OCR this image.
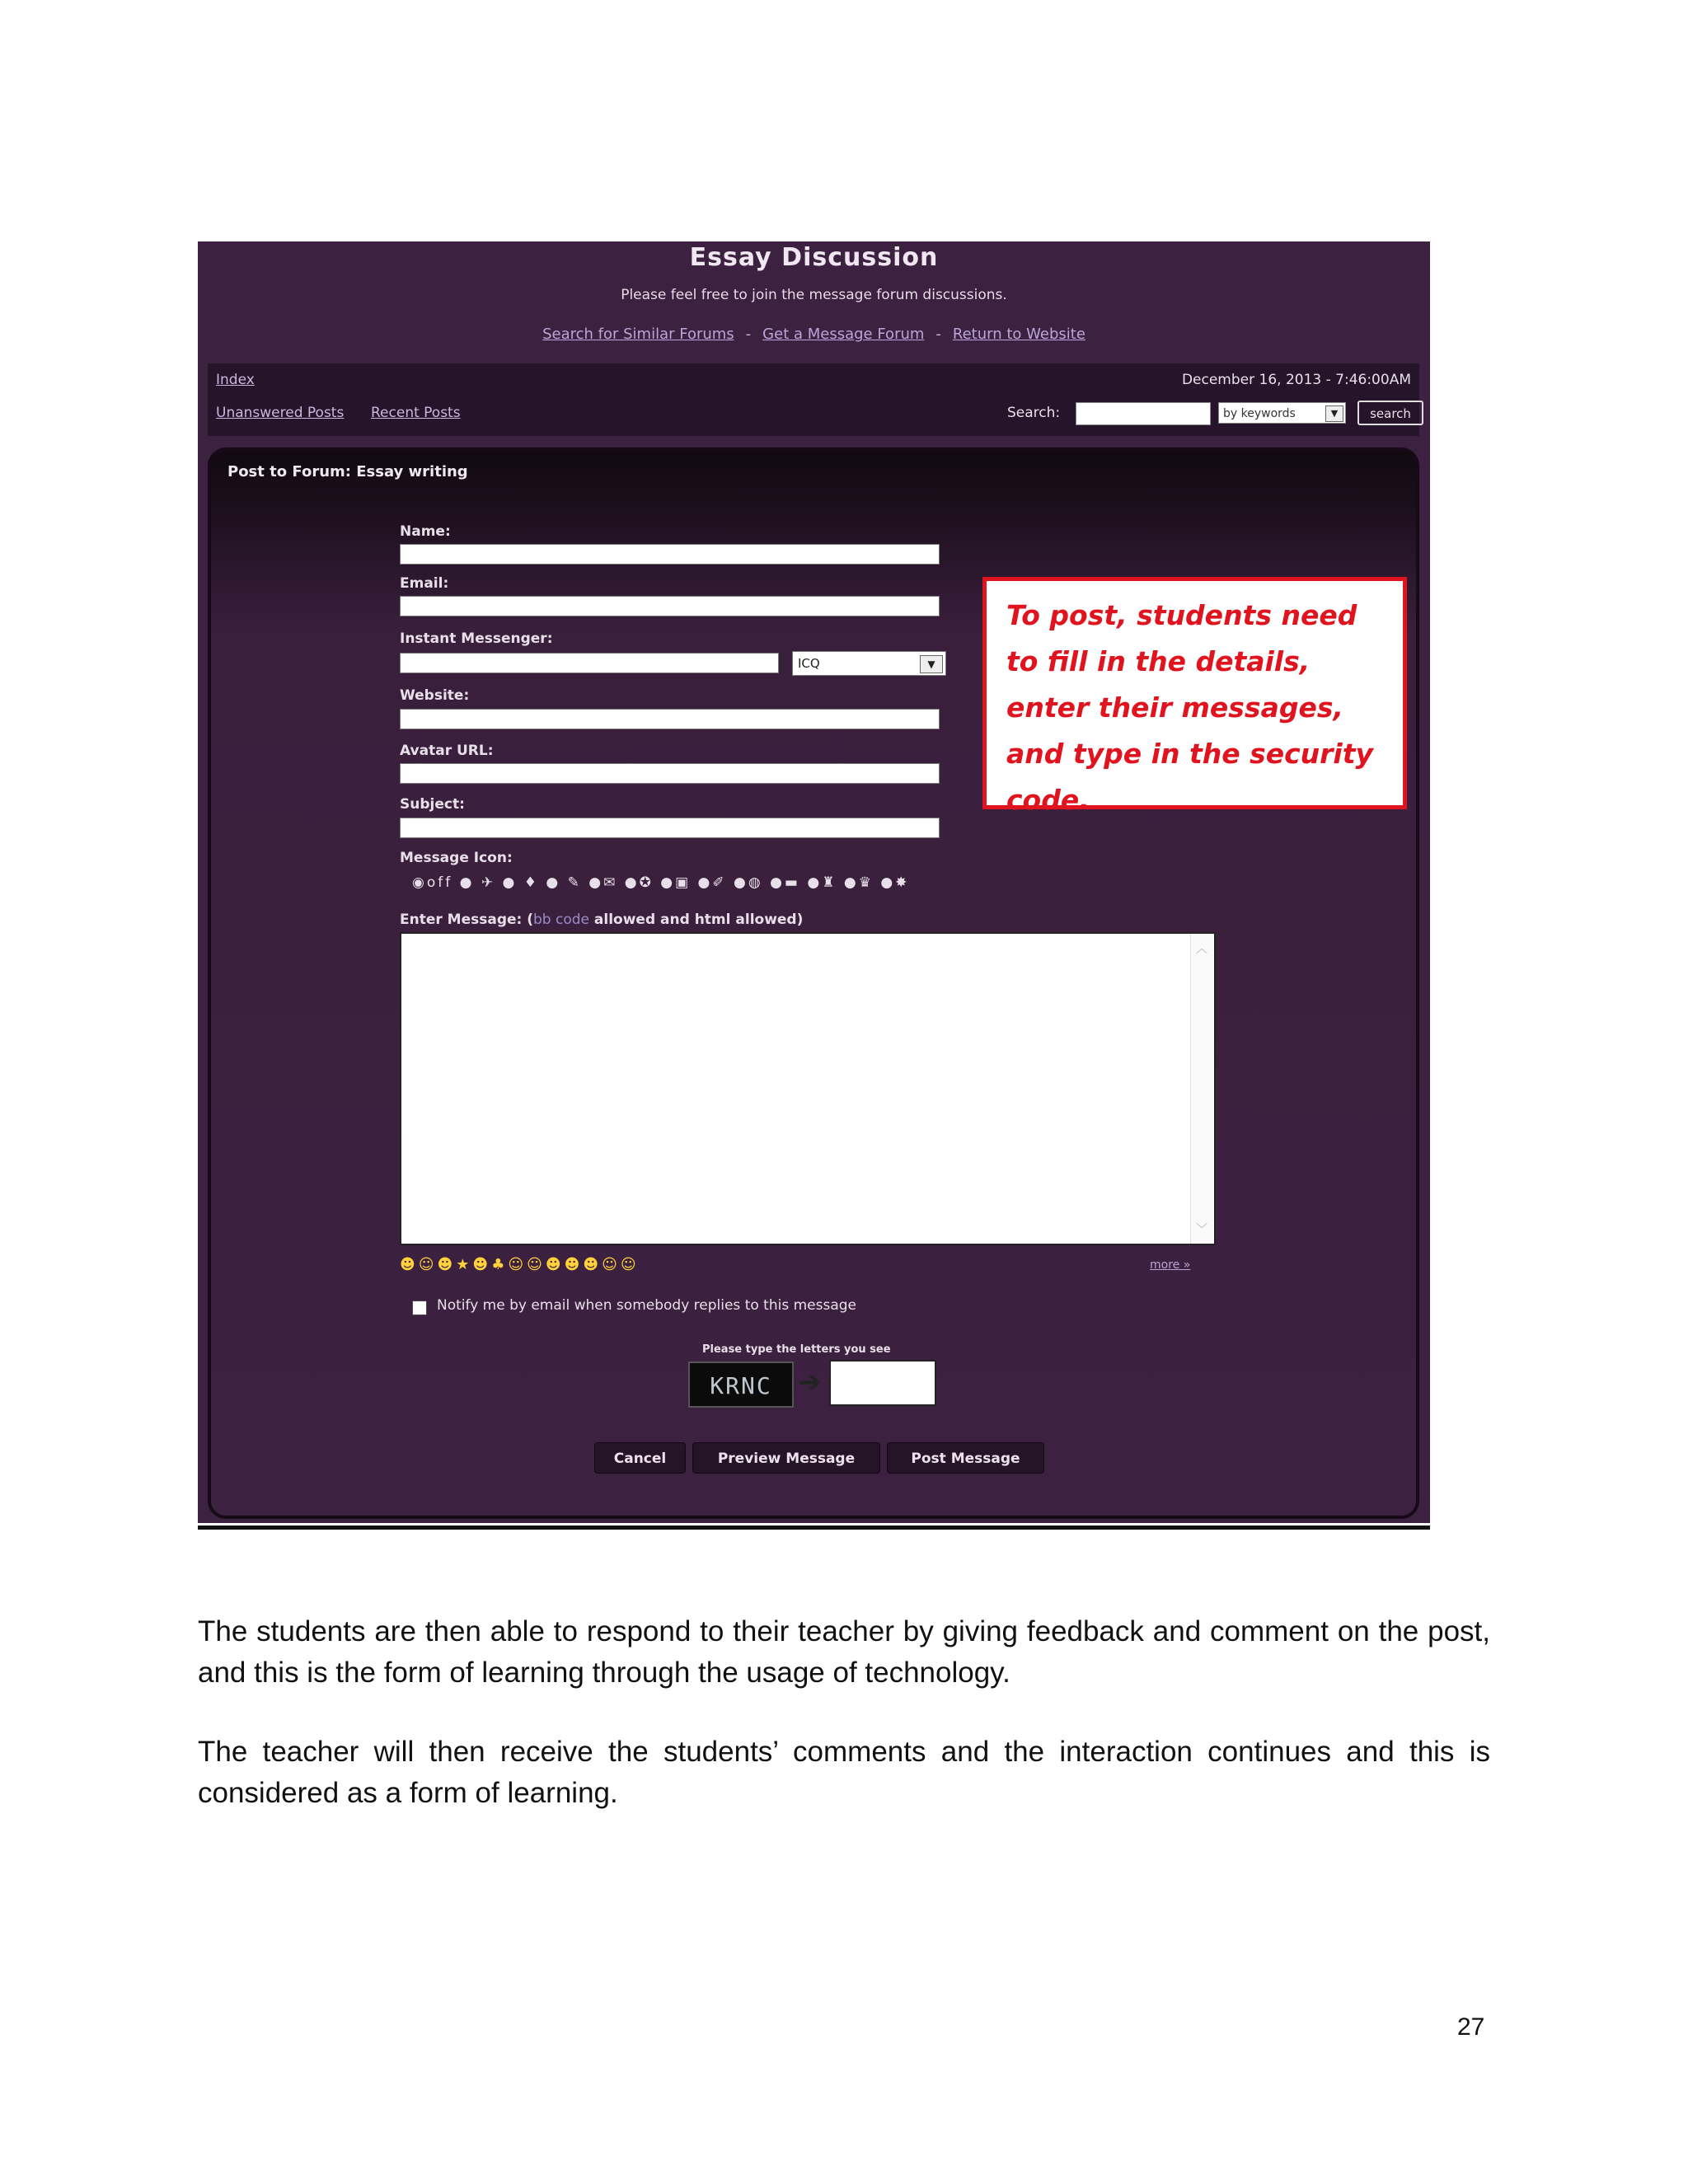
Essay Discussion
Please feel free to join the message forum discussions.
Search for Similar Forums - Get a Message Forum - Return to Website
Index
Unanswered Posts Recent Posts
December 16, 2013 - 7:46:00AM
Search:	by keywords	▼	search
Post to Forum: Essay writing
Name:
Email:
Instant Messenger:
ICQ	▼
Website:
Avatar URL:
Subject:
Message Icon:
◉off ● ✈ ● ♦ ● ✎ ●✉ ●✪ ●▣ ●✐ ●◍ ●▬ ●♜ ●♛ ●✸
Enter Message: (bb code allowed and html allowed)
︿
﹀
☻☺☻★☻♣☺☺☻☻☻☺☺	more »
Notify me by email when somebody replies to this message
Please type the letters you see
KRNC ➔
Cancel	Preview Message	Post Message
To post, students need to fill in the details, enter their messages, and type in the security code.
The students are then able to respond to their teacher by giving feedback and comment on the post, and this is the form of learning through the usage of technology.
The teacher will then receive the students’ comments and the interaction continues and this is considered as a form of learning.
27
